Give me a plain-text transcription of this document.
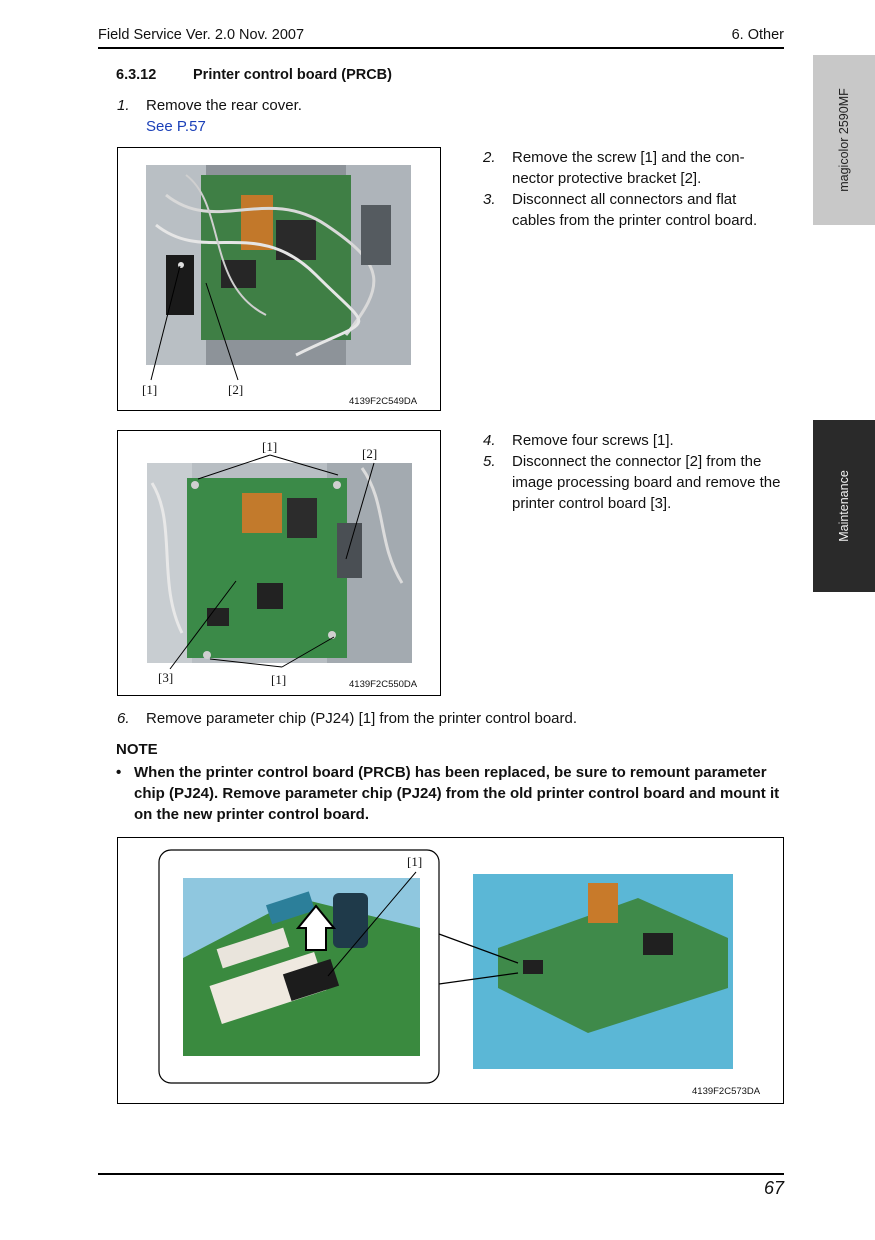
Field Service Ver. 2.0 Nov. 2007	6. Other
magicolor 2590MF
Maintenance
6.3.12	Printer control board (PRCB)
1. Remove the rear cover.
See P.57
[1]	[2]
4139F2C549DA
2. Remove the screw [1] and the con-nector protective bracket [2].
3. Disconnect all connectors and flat cables from the printer control board.
[1]	[2]
[3]	[1]	4139F2C550DA
4. Remove four screws [1].
5. Disconnect the connector [2] from the image processing board and remove the printer control board [3].
6. Remove parameter chip (PJ24) [1] from the printer control board.
NOTE
• When the printer control board (PRCB) has been replaced, be sure to remount parameter chip (PJ24). Remove parameter chip (PJ24) from the old printer control board and mount it on the new printer control board.
[1]
4139F2C573DA
67
